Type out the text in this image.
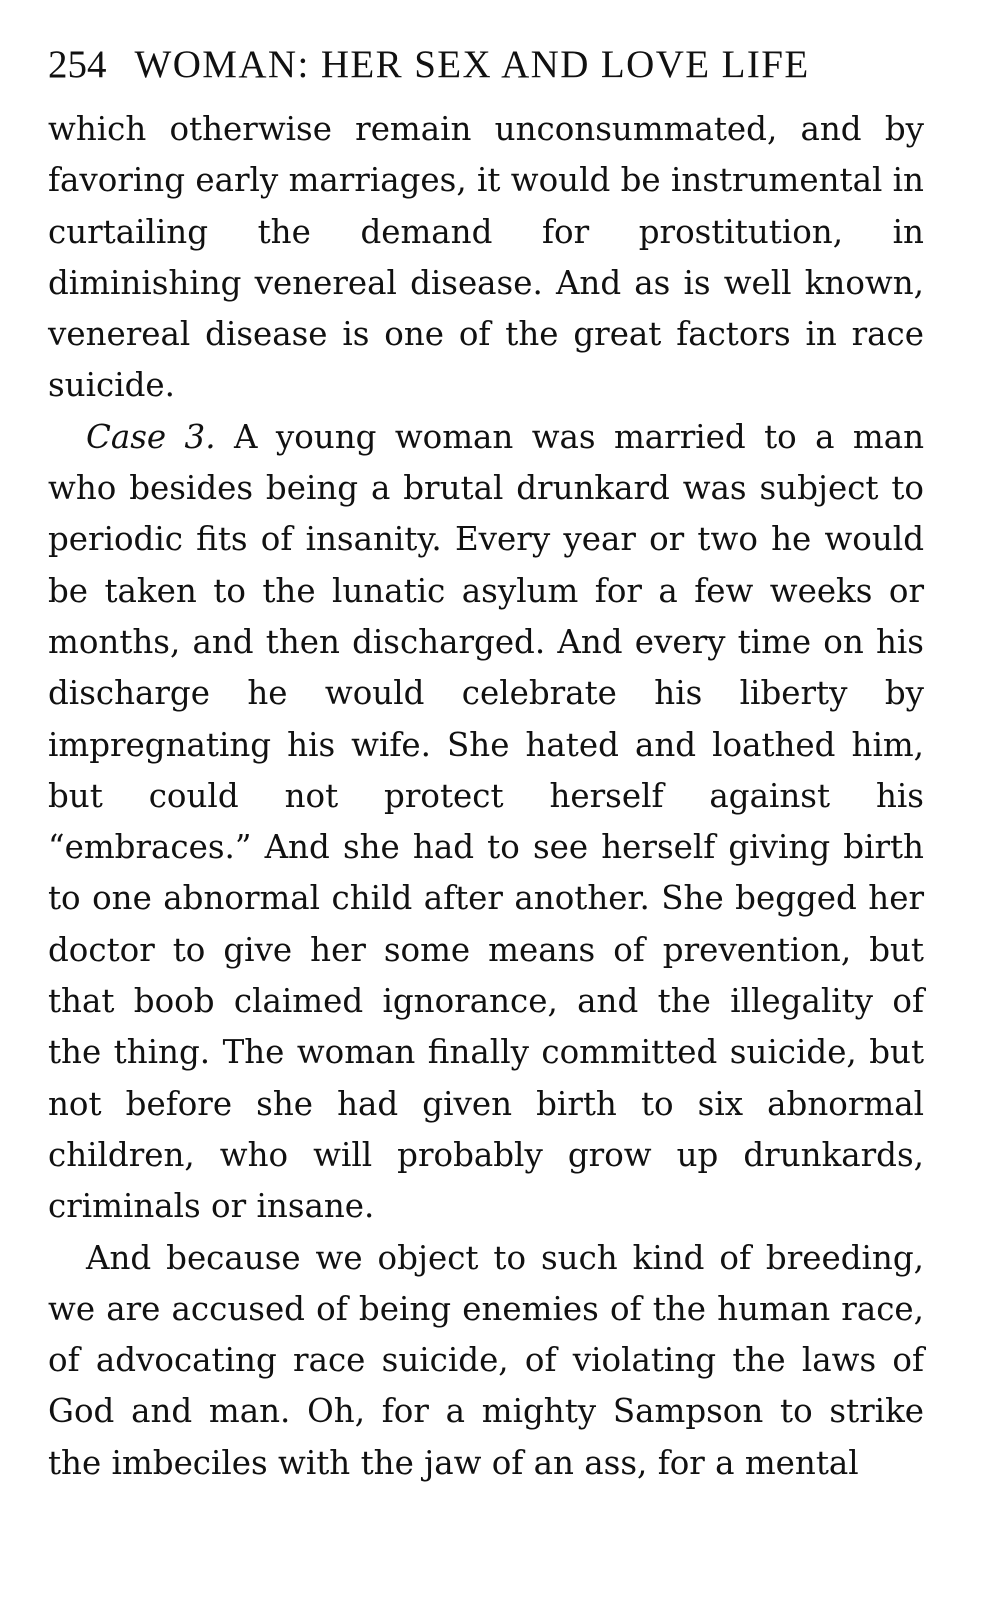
254 WOMAN: HER SEX AND LOVE LIFE

which otherwise remain unconsummated, and by favoring early marriages, it would be instrumental in curtailing the demand for prostitution, in diminishing venereal disease. And as is well known, venereal disease is one of the great factors in race suicide.

Case 3. A young woman was married to a man who besides being a brutal drunkard was subject to periodic fits of insanity. Every year or two he would be taken to the lunatic asylum for a few weeks or months, and then discharged. And every time on his discharge he would celebrate his liberty by impregnating his wife. She hated and loathed him, but could not protect herself against his “embraces.” And she had to see herself giving birth to one abnormal child after another. She begged her doctor to give her some means of prevention, but that boob claimed ignorance, and the illegality of the thing. The woman finally committed suicide, but not before she had given birth to six abnormal children, who will probably grow up drunkards, criminals or insane.

And because we object to such kind of breeding, we are accused of being enemies of the human race, of advocating race suicide, of violating the laws of God and man. Oh, for a mighty Sampson to strike the imbeciles with the jaw of an ass, for a mental
